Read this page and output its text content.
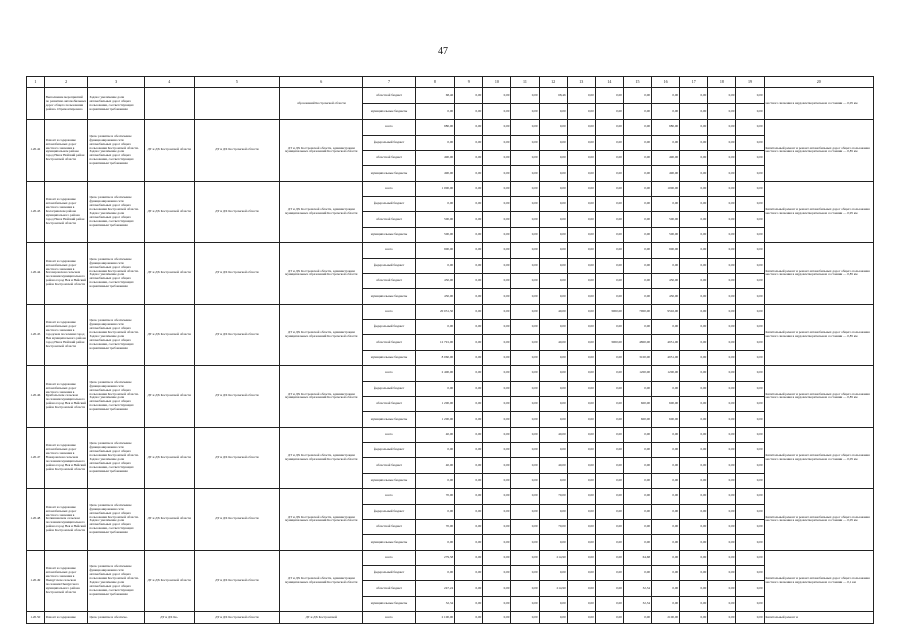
47
1	2	3	4	5	6	7	8	9	10	11	12	13	14	15	16	17	18	19	20
	Выполнение мероприятий по развитию автомобильных дорог общего пользования района. Отремонтировано	Задача: увеличение доли автомобильных дорог общего пользования, соответствующих нормативным требованиям			образований Костромской области	областной бюджет	68,46	0,00	0,00	0,00	68,46	0,00	0,00	0,00	0,00	0,00	0,00	0,00	местного значения в неудовлетворительном состоянии — 0,05 км
						муниципальные бюджеты	0,00	0,00	0,00	0,00	0,00	0,00	0,00	0,00	0,00	0,00	0,00	0,00	
1.20.42	Ремонт и содержание автомобильных дорог местного значения в муниципальном районе город Нея и Нейский район Костромской области	Цель: развитие и обеспечение функционирования сети автомобильных дорог общего пользования Костромской области. Задача: увеличение доли автомобильных дорог общего пользования, соответствующих нормативным требованиям	ДТ и ДХ Костромской области	ДТ и ДХ Костромской области	ДТ и ДХ Костромской области, администрации муниципальных образований Костромской области	всего	980,00	0,00	0,00	0,00	0,00	0,00	0,00	0,00	980,00	0,00	0,00	0,00	Капитальный ремонт и ремонт автомобильных дорог общего пользования местного значения в неудовлетворительном состоянии — 0,85 км
						федеральный бюджет	0,00	0,00	0,00	0,00	0,00	0,00	0,00	0,00	0,00	0,00	0,00	0,00	
						областной бюджет	490,00	0,00	0,00	0,00	0,00	0,00	0,00	0,00	490,00	0,00	0,00	0,00	
						муниципальные бюджеты	490,00	0,00	0,00	0,00	0,00	0,00	0,00	0,00	490,00	0,00	0,00	0,00	
1.20.43	Ремонт и содержание автомобильных дорог местного значения в Кологривском районе муниципального района город Нея и Нейский район Костромской области	Цель: развитие и обеспечение функционирования сети автомобильных дорог общего пользования Костромской области. Задача: увеличение доли автомобильных дорог общего пользования, соответствующих нормативным требованиям	ДТ и ДХ Костромской области	ДТ и ДХ Костромской области	ДТ и ДХ Костромской области, администрации муниципальных образований Костромской области	всего	1 000,00	0,00	0,00	0,00	0,00	0,00	0,00	0,00	1000,00	0,00	0,00	0,00	Капитальный ремонт и ремонт автомобильных дорог общего пользования местного значения в неудовлетворительном состоянии — 0,95 км
						федеральный бюджет	0,00	0,00	0,00	0,00	0,00	0,00	0,00	0,00	0,00	0,00	0,00	0,00	
						областной бюджет	500,00	0,00	0,00	0,00	0,00	0,00	0,00	0,00	500,00	0,00	0,00	0,00	
						муниципальные бюджеты	500,00	0,00	0,00	0,00	0,00	0,00	0,00	0,00	500,00	0,00	0,00	0,00	
1.20.44	Ремонт и содержание автомобильных дорог местного значения в Боговаровском сельском поселении муниципального района город Нея и Нейский район Костромской области	Цель: развитие и обеспечение функционирования сети автомобильных дорог общего пользования Костромской области. Задача: увеличение доли автомобильных дорог общего пользования, соответствующих нормативным требованиям	ДТ и ДХ Костромской области	ДТ и ДХ Костромской области	ДТ и ДХ Костромской области, администрации муниципальных образований Костромской области	всего	900,00	0,00	0,00	0,00	0,00	0,00	0,00	0,00	900,00	0,00	0,00	0,00	Капитальный ремонт и ремонт автомобильных дорог общего пользования местного значения в неудовлетворительном состоянии — 0,85 км
						федеральный бюджет	0,00	0,00	0,00	0,00	0,00	0,00	0,00	0,00	0,00	0,00	0,00	0,00	
						областной бюджет	450,00	0,00	0,00	0,00	0,00	0,00	0,00	0,00	450,00	0,00	0,00	0,00	
						муниципальные бюджеты	450,00	0,00	0,00	0,00	0,00	0,00	0,00	0,00	450,00	0,00	0,00	0,00	
1.20.45	Ремонт и содержание автомобильных дорог местного значения в городском поселении город Нея муниципального района город Нея и Нейский район Костромской области	Цель: развитие и обеспечение функционирования сети автомобильных дорог общего пользования Костромской области. Задача: увеличение доли автомобильных дорог общего пользования, соответствующих нормативным требованиям	ДТ и ДХ Костромской области	ДТ и ДХ Костромской области	ДТ и ДХ Костромской области, администрации муниципальных образований Костромской области	всего	20 031,50	0,00	0,00	0,00	40,00	0,00	3000,00	7900,00	9502,00	0,00	0,00	0,00	Капитальный ремонт и ремонт автомобильных дорог общего пользования местного значения в неудовлетворительном состоянии — 0,85 км
						федеральный бюджет	0,00	0,00	0,00	0,00	0,00	0,00	0,00	0,00	0,00	0,00	0,00	0,00	
						областной бюджет	12 791,00	0,00	0,00	0,00	40,00	0,00	3000,00	4800,00	4951,00	0,00	0,00	0,00	
						муниципальные бюджеты	8 060,00	0,00	0,00	0,00	0,00	0,00	0,00	3100,00	4951,00	0,00	0,00	0,00	
1.20.46	Ремонт и содержание автомобильных дорог местного значения в Кужбальском сельском поселении муниципального района город Нея и Нейский район Костромской области	Цель: развитие и обеспечение функционирования сети автомобильных дорог общего пользования Костромской области. Задача: увеличение доли автомобильных дорог общего пользования, соответствующих нормативным требованиям	ДТ и ДХ Костромской области	ДТ и ДХ Костромской области	ДТ и ДХ Костромской области, администрации муниципальных образований Костромской области	всего	2 400,00	0,00	0,00	0,00	0,00	0,00	0,00	1200,00	1200,00	0,00	0,00	0,00	Капитальный ремонт и ремонт автомобильных дорог общего пользования местного значения в неудовлетворительном состоянии — 0,85 км
						федеральный бюджет	0,00	0,00	0,00	0,00	0,00	0,00	0,00	0,00	0,00	0,00	0,00	0,00	
						областной бюджет	1 200,00	0,00	0,00	0,00	0,00	0,00	0,00	600,00	600,00	0,00	0,00	0,00	
						муниципальные бюджеты	1 200,00	0,00	0,00	0,00	0,00	0,00	0,00	600,00	600,00	0,00	0,00	0,00	
1.20.47	Ремонт и содержание автомобильных дорог местного значения в Вожеровском сельском поселении муниципального района город Нея и Нейский район Костромской области	Цель: развитие и обеспечение функционирования сети автомобильных дорог общего пользования Костромской области. Задача: увеличение доли автомобильных дорог общего пользования, соответствующих нормативным требованиям	ДТ и ДХ Костромской области	ДТ и ДХ Костромской области	ДТ и ДХ Костромской области, администрации муниципальных образований Костромской области	всего	40,00	0,00	0,00	0,00	40,00	0,00	0,00	0,00	0,00	0,00	0,00	0,00	Капитальный ремонт и ремонт автомобильных дорог общего пользования местного значения в неудовлетворительном состоянии — 0,05 км
						федеральный бюджет	0,00	0,00	0,00	0,00	0,00	0,00	0,00	0,00	0,00	0,00	0,00	0,00	
						областной бюджет	40,00	0,00	0,00	0,00	40,00	0,00	0,00	0,00	0,00	0,00	0,00	0,00	
						муниципальные бюджеты	0,00	0,00	0,00	0,00	0,00	0,00	0,00	0,00	0,00	0,00	0,00	0,00	
1.20.48	Ремонт и содержание автомобильных дорог местного значения в Коткишевском сельском поселении муниципального района город Нея и Нейский район Костромской области	Цель: развитие и обеспечение функционирования сети автомобильных дорог общего пользования Костромской области. Задача: увеличение доли автомобильных дорог общего пользования, соответствующих нормативным требованиям	ДТ и ДХ Костромской области	ДТ и ДХ Костромской области	ДТ и ДХ Костромской области, администрации муниципальных образований Костромской области	всего	70,00	0,00	0,00	0,00	70,00	0,00	0,00	0,00	0,00	0,00	0,00	0,00	Капитальный ремонт и ремонт автомобильных дорог общего пользования местного значения в неудовлетворительном состоянии — 0,05 км
						федеральный бюджет	0,00	0,00	0,00	0,00	0,00	0,00	0,00	0,00	0,00	0,00	0,00	0,00	
						областной бюджет	70,00	0,00	0,00	0,00	70,00	0,00	0,00	0,00	0,00	0,00	0,00	0,00	
						муниципальные бюджеты	0,00	0,00	0,00	0,00	0,00	0,00	0,00	0,00	0,00	0,00	0,00	0,00	
1.20.49	Ремонт и содержание автомобильных дорог местного значения в Пыщугском сельском поселении Пыщугского муниципального района Костромской области	Цель: развитие и обеспечение функционирования сети автомобильных дорог общего пользования Костромской области. Задача: увеличение доли автомобильных дорог общего пользования, соответствующих нормативным требованиям	ДТ и ДХ Костромской области	ДТ и ДХ Костромской области	ДТ и ДХ Костромской области, администрации муниципальных образований Костромской области	всего	279,58	0,00	0,00	0,00	214,90	0,00	0,00	64,68	0,00	0,00	0,00	0,00	Капитальный ремонт и ремонт автомобильных дорог общего пользования местного значения в неудовлетворительном состоянии — 0,1 км
						федеральный бюджет	0,00	0,00	0,00	0,00	0,00	0,00	0,00	0,00	0,00	0,00	0,00	0,00	
						областной бюджет	247,24	0,00	0,00	0,00	214,90	0,00	0,00	32,34	0,00	0,00	0,00	0,00	
						муниципальные бюджеты	32,34	0,00	0,00	0,00	0,00	0,00	0,00	32,34	0,00	0,00	0,00	0,00	
1.20.50	Ремонт и содержание	Цель: развитие и обеспече-	ДТ и ДХ Ко-	ДТ и ДХ Костромской области	ДТ и ДХ Костромской	всего	2 100,00	0,00	0,00	0,00	0,00	0,00	0,00	0,00	2100,00	0,00	0,00	0,00	Капитальный ремонт и
